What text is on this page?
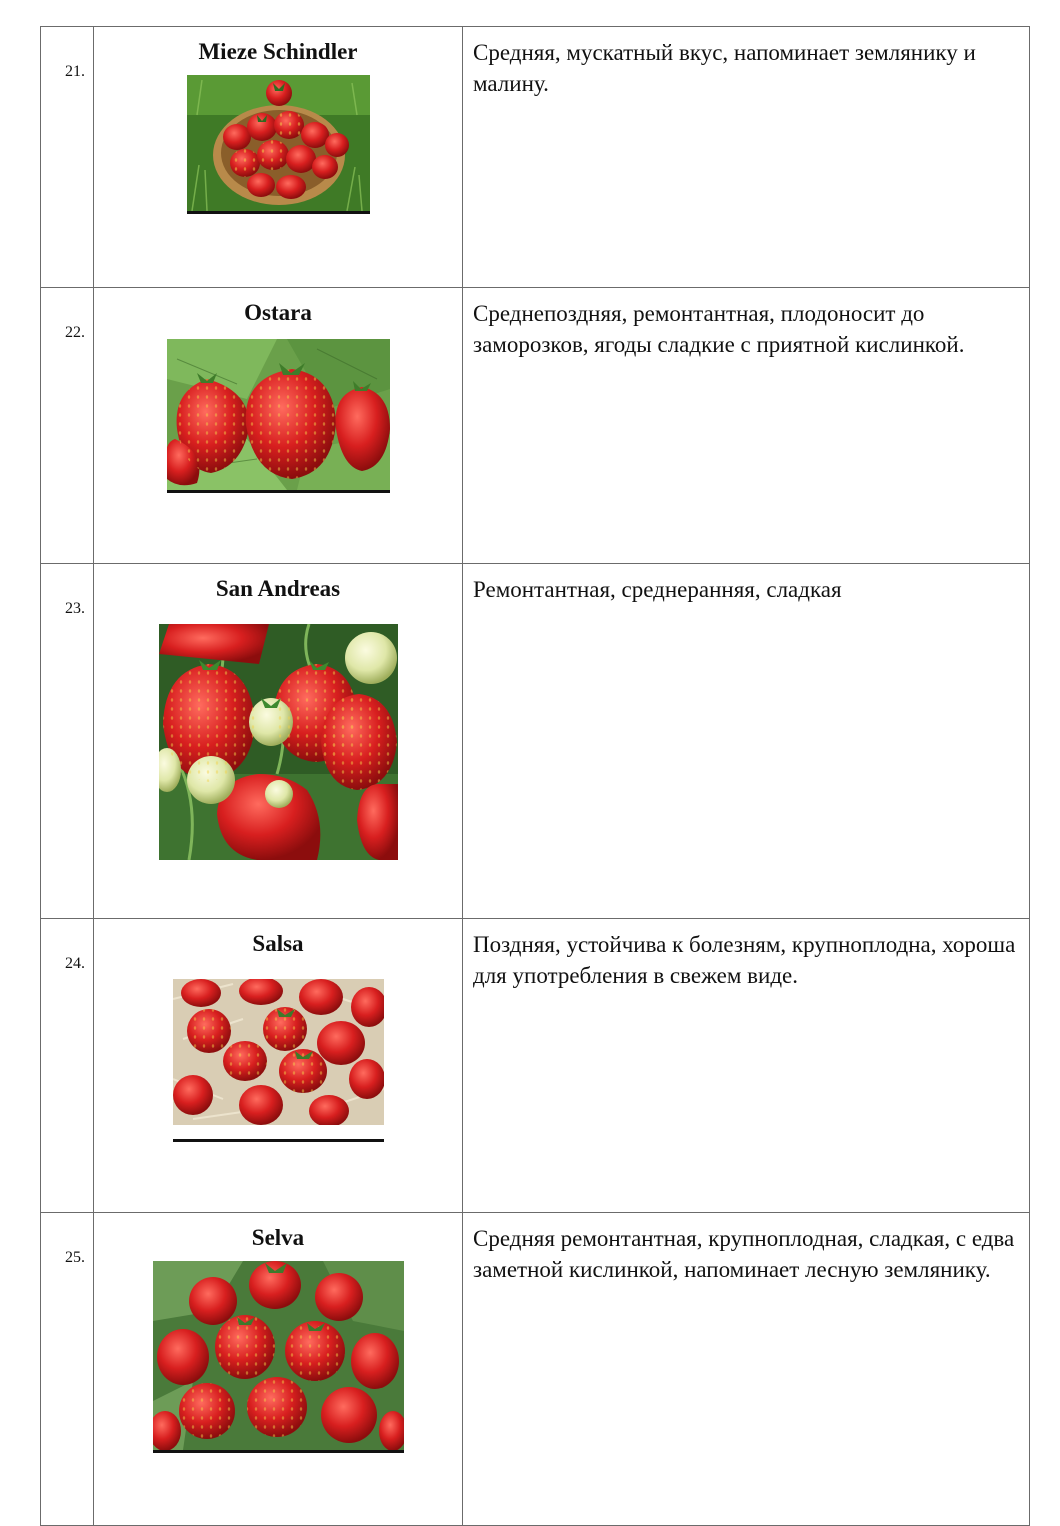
21.	Mieze Schindler	Средняя, мускатный вкус, напоминает землянику и малину.
22.	Ostara	Среднепоздняя, ремонтантная, плодоносит до заморозков, ягоды сладкие с приятной кислинкой.
23.	San Andreas	Ремонтантная, среднеранняя, сладкая
24.	Salsa	Поздняя, устойчива к болезням, крупноплодна, хороша для употребления в свежем виде.
25.	Selva	Средняя ремонтантная, крупноплодная, сладкая, с едва заметной кислинкой, напоминает лесную землянику.
